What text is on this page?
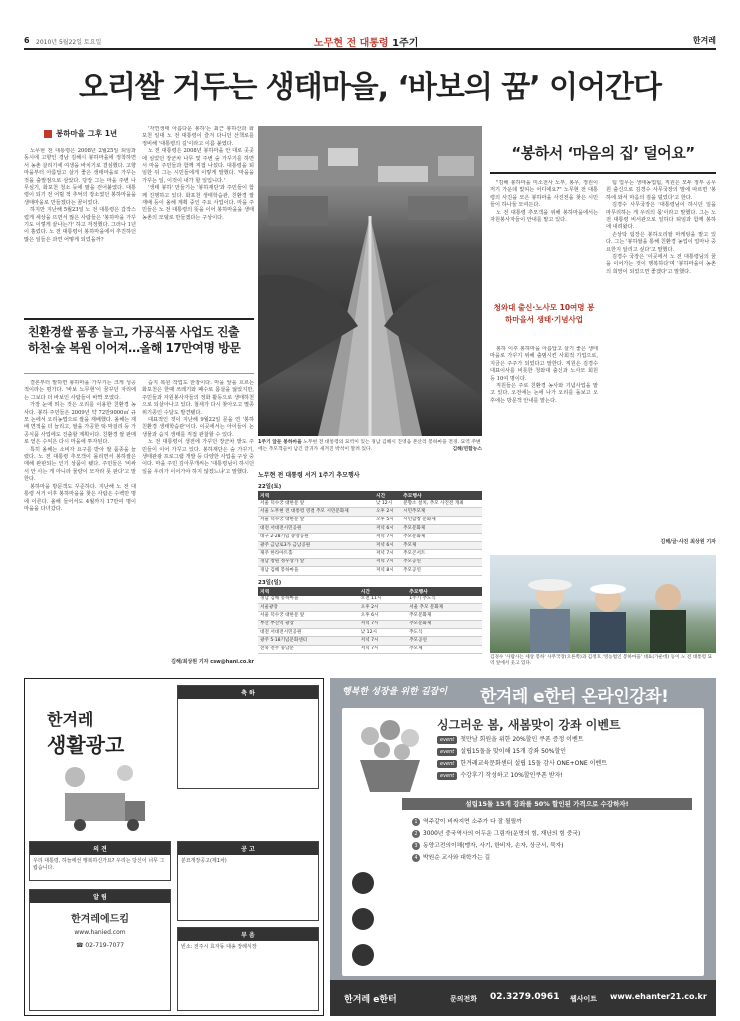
6 2010년 5월22일 토요일	노무현 전 대통령 1주기	한겨레
오리쌀 거두는 생태마을, ‘바보의 꿈’ 이어간다
봉하마을 그후 1년

노무현 전 대통령은 2008년 2월25일 퇴임과 동시에 고향인 경남 김해시 봉하마을에 정착하면서 농촌 살리기에 여생을 바치기로 결심했다. 고향마을부터 아름답고 살기 좋은 생태마을로 가꾸는 것을 출발점으로 삼았다. 당장 그는 마을 주변 나무심기, 화포천 청소 등에 팔을 걷어붙였다. 대통령이 되기 전 어릴 적 추억의 장소였던 봉하마을을 생태마을로 만들겠다는 꿈이었다.

하지만 지난해 5월23일 노 전 대통령은 갑작스럽게 세상을 뜨면서 많은 사람들은 '봉하마을 가꾸기도 이렇게 끝나는가' 하고 걱정했다. 그러나 1년이 흘렀다. 노 전 대통령이 봉하마을에서 추진하던 많은 일들은 과연 어떻게 되었을까?

'자연생태 아름다운 봉하'는 최근 봉하산과 화포천 일대 노 전 대통령이 즐겨 다니던 산책로를 정비해 '대통령의 길'이라고 이름 붙였다.

노 전 대통령은 2008년 봉하마을 안 대로 곳곳에 심었던 장군차 나무 및 주변 숲 가꾸기를 하면서 마을 주민들과 함께 직접 나섰다. 대통령을 퇴임한 뒤 그는 시민들에게 이렇게 말했다. '마을을 가꾸는 일, 이것이 내가 할 일입니다.'

'생태 봉하' 만들기는 '봉하재단'과 주민들이 함께 진행하고 있다. 화포천 생태학습관, 친환경 쌀 재배 등이 올해 계획 중인 주요 사업이다. 마을 주민들은 노 전 대통령의 뜻을 이어 봉하마을을 생태 농촌의 모델로 만들겠다는 구상이다.

친환경쌀 품종 늘고, 가공식품 사업도 진출
하천·숲 복원 이어져…올해 17만여명 방문

결론부터 말하면 봉하마을 가꾸기는 크게 성공적이라는 평가다. '바보 노무현'이 꿈꾸던 자리에는 그보다 더 바보인 사람들이 바짝 모였다.

가장 눈에 띄는 것은 오리를 이용한 친환경 농사다. 봉하 주민들은 2009년 약 72만9000㎡ 규모 논에서 오리농법으로 쌀을 재배했다. 올해는 재배 면적을 더 늘리고, 쌀을 가공한 떡·막걸리 등 가공식품 사업에도 진출할 계획이다. 친환경 쌀 판매로 얻은 수익은 다시 마을에 투자된다.

특히 올해는 소비자 요구를 받아 쌀 품종을 늘렸다. 노 전 대통령 추모객이 몰리면서 봉하쌀은 매해 완판되는 인기 상품이 됐다. 주민들은 '비싸서 안 사는 게 아니라 물량이 모자라 못 판다'고 말한다.

봉하마을 방문객도 꾸준하다. 지난해 노 전 대통령 서거 이후 봉하마을을 찾은 사람은 수백만 명에 이른다. 올해 들어서도 4월까지 17만여 명이 마을을 다녀갔다.

습지 복원 작업도 한창이다. 마을 앞을 흐르는 화포천은 한때 쓰레기와 폐수로 몸살을 앓았지만, 주민들과 자원봉사자들의 정화 활동으로 생태하천으로 되살아나고 있다. 철새가 다시 찾아오고 멸종위기종인 수달도 발견됐다.

대표적인 것이 지난해 9월22일 문을 연 '봉하 친환경 생태학습관'이다. 이곳에서는 아이들이 논 생물과 습지 생태를 직접 관찰할 수 있다.

노 전 대통령이 생전에 가꾸던 장군차 밭도 주민들이 이어 가꾸고 있다. 봉하재단은 숲 가꾸기, 생태관광 프로그램 개발 등 다양한 사업을 구상 중이다. 마을 주민 김아무개씨는 '대통령님이 하시던 일을 우리가 이어가야 하지 않겠느냐'고 말했다.

김해/최상원 기자 csw@hani.co.kr
1주기 앞둔 봉하마을 노무현 전 대통령의 묘역이 있는 경남 김해시 진영읍 본산리 봉하마을 전경. 묘역 주변에는 추모객들이 남긴 글귀가 새겨진 박석이 깔려 있다.	김해/연합뉴스
노무현 전 대통령 서거 1주기 추모행사
22일(토)
지역	시간	추모행사
서울 덕수궁 대한문 앞	낮 12시	분향소 설치, 추모 사진전 개최
서울 노무현 전 대통령 영결 추모 시민문화제	오후 2시	시민추모제
서울 덕수궁 대한문 앞	오후 5시	시민합창 문화제
대전 서대전시민공원	저녁 6시	추모문화제
대구 2·28기념 중앙공원	저녁 7시	추모문화제
광주 금남로3가 금남공원	저녁 6시	추모제
제주 한라아트홀	저녁 7시	추모콘서트
경남 창원 정우상가 앞	저녁 7시	추모공연
경남 김해 봉하마을	저녁 8시	추모공연
23일(일)
지역	시간	추모행사
경남 김해 봉하마을	오전 11시	1주기 추도식
서울광장	오후 2시	서울 추모 문화제
서울 덕수궁 대한문 앞	오후 6시	추모문화제
부산 부산역 광장	저녁 7시	추모문화제
대전 서대전시민공원	낮 12시	추도식
광주 5·18기념문화센터	저녁 7시	추모공연
전북 전주 풍남문	저녁 7시	추모제
“봉하서 ‘마음의 집’ 덜어요”

"김해 봉하마을 미소천사 노부, 봉우, 정원이 저기 가운데 빛띠는 어디에요?" 노무현 전 대통령의 사진을 모은 봉하마을 사진전을 찾은 시민들이 하나둘 모여든다.

노 전 대통령 추모객을 위해 봉하마을에서는 자원봉사자들이 안내를 맡고 있다.

청와대 출신·노사모 10여명 봉하마을서 생태·기념사업

봉하 이후 봉하마을 아름답고 살기 좋은 생태마을로 가꾸기 위해 출범시킨 사회적 기업으로, 지금은 주주가 되었다고 말한다. 직원은 김경수 대표이사를 비롯한 청와대 출신과 노사모 회원 등 10여 명이다.

직원들은 주로 친환경 농사와 기념사업을 맡고 있다. 오전에는 논에 나가 오리를 돌보고 오후에는 방문객 안내를 맡는다.

팀 업무는 생태농업팀, 직원은 모두 정부 공무원 출신으로 김경수 사무국장의 말에 따르면 '봉하에 와서 마음의 짐을 덜었다'고 한다.

김경수 사무국장은 '대통령님이 하시던 일을 마무리하는 게 우리의 몫'이라고 말했다. 그는 노 전 대통령 비서관으로 일하다 퇴임과 함께 봉하에 내려왔다.

손상탁 팀장은 봉하오리쌀 마케팅을 맡고 있다. 그는 '봉하쌀을 통해 친환경 농업이 얼마나 중요한지 알리고 싶다'고 말했다.

김경수 국장은 '이곳에서 노 전 대통령님의 꿈을 이어가는 것이 행복하다'며 '봉하마을이 농촌의 희망이 되었으면 좋겠다'고 말했다.

김해/글·사진 최상원 기자
김경수 '사람사는 세상 봉하' 사무국장(오른쪽)과 김정호 '영농법인 봉하마을' 대표(가운데) 등이 노 전 대통령 묘역 앞에서 웃고 있다.
한겨레
생활광고
축 하
의 견
우리 대통령, 하늘에선 행복하신가요? 우리는 당신이 너무 그립습니다.
공 고
분묘개장공고(제1차)
알 림
한겨레에드킴
www.hanied.com
☎ 02-719-7077
부 음
빈소: 전주시 효자동 대송 장례식장
행복한 성장을 위한 길잡이 한겨레 e한터 온라인강좌!
싱그러운 봄, 새봄맞이 강좌 이벤트
event 첫만남 회원을 위한 20%할인 쿠폰 증정 이벤트
event 설립15돌을 맞이해 15개 강좌 50%할인
event 한겨레교육문화센터 설립 15돌 감사 ONE+ONE 이벤트
event 수강후기 작성하고 10%할인쿠폰 받자!
설립15돌 15개 강좌를 50% 할인된 가격으로 수강하자!
1 역주같이 비싸지면 소주가 다 잘 될릴까
2 3000년 중국역사의 어두운 그림자(운명의 힘, 재난의 힘 중국)
3 동양고전의이해(맹자, 사기, 한비자, 손자, 상군서, 묵자)
4 박원순 교사와 대학가는 길
한겨레 e한터	문의전화 02.3279.0961 웹사이트 www.ehanter21.co.kr
